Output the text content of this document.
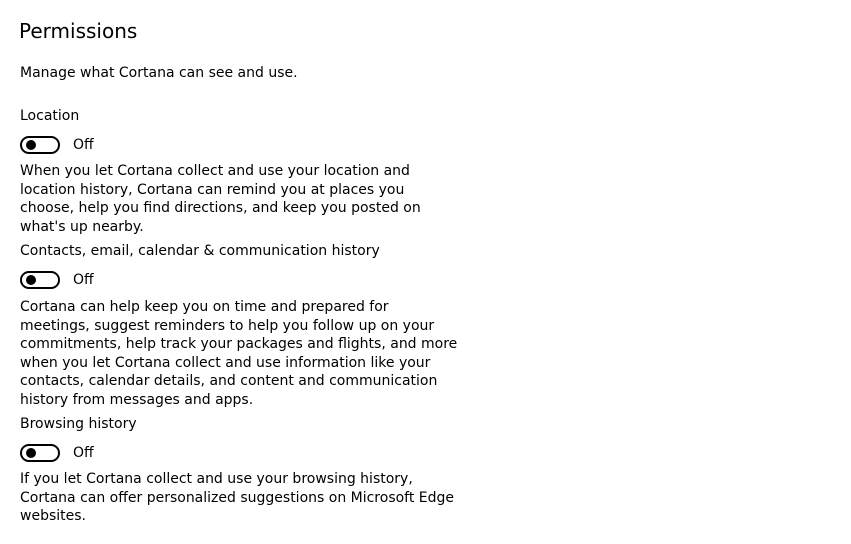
Permissions

Manage what Cortana can see and use.

Location

Off

When you let Cortana collect and use your location and location history, Cortana can remind you at places you choose, help you find directions, and keep you posted on what's up nearby.

Contacts, email, calendar & communication history

Off

Cortana can help keep you on time and prepared for meetings, suggest reminders to help you follow up on your commitments, help track your packages and flights, and more when you let Cortana collect and use information like your contacts, calendar details, and content and communication history from messages and apps.

Browsing history

Off

If you let Cortana collect and use your browsing history, Cortana can offer personalized suggestions on Microsoft Edge websites.
